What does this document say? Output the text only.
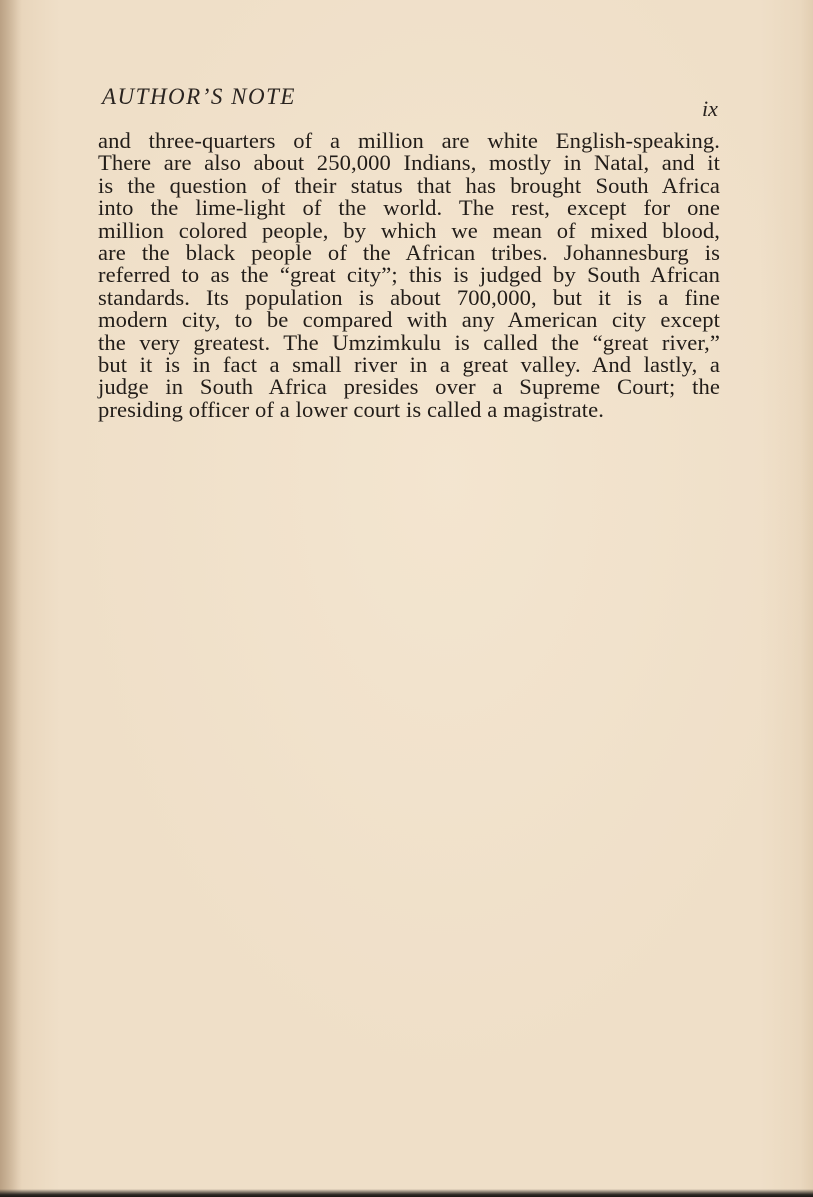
AUTHOR’S NOTE	ix
and three-quarters of a million are white English-speaking.
There are also about 250,000 Indians, mostly in Natal, and it
is the question of their status that has brought South Africa
into the lime-light of the world. The rest, except for one
million colored people, by which we mean of mixed blood,
are the black people of the African tribes. Johannesburg is
referred to as the “great city”; this is judged by South African
standards. Its population is about 700,000, but it is a fine
modern city, to be compared with any American city except
the very greatest. The Umzimkulu is called the “great river,”
but it is in fact a small river in a great valley. And lastly, a
judge in South Africa presides over a Supreme Court; the
presiding officer of a lower court is called a magistrate.
